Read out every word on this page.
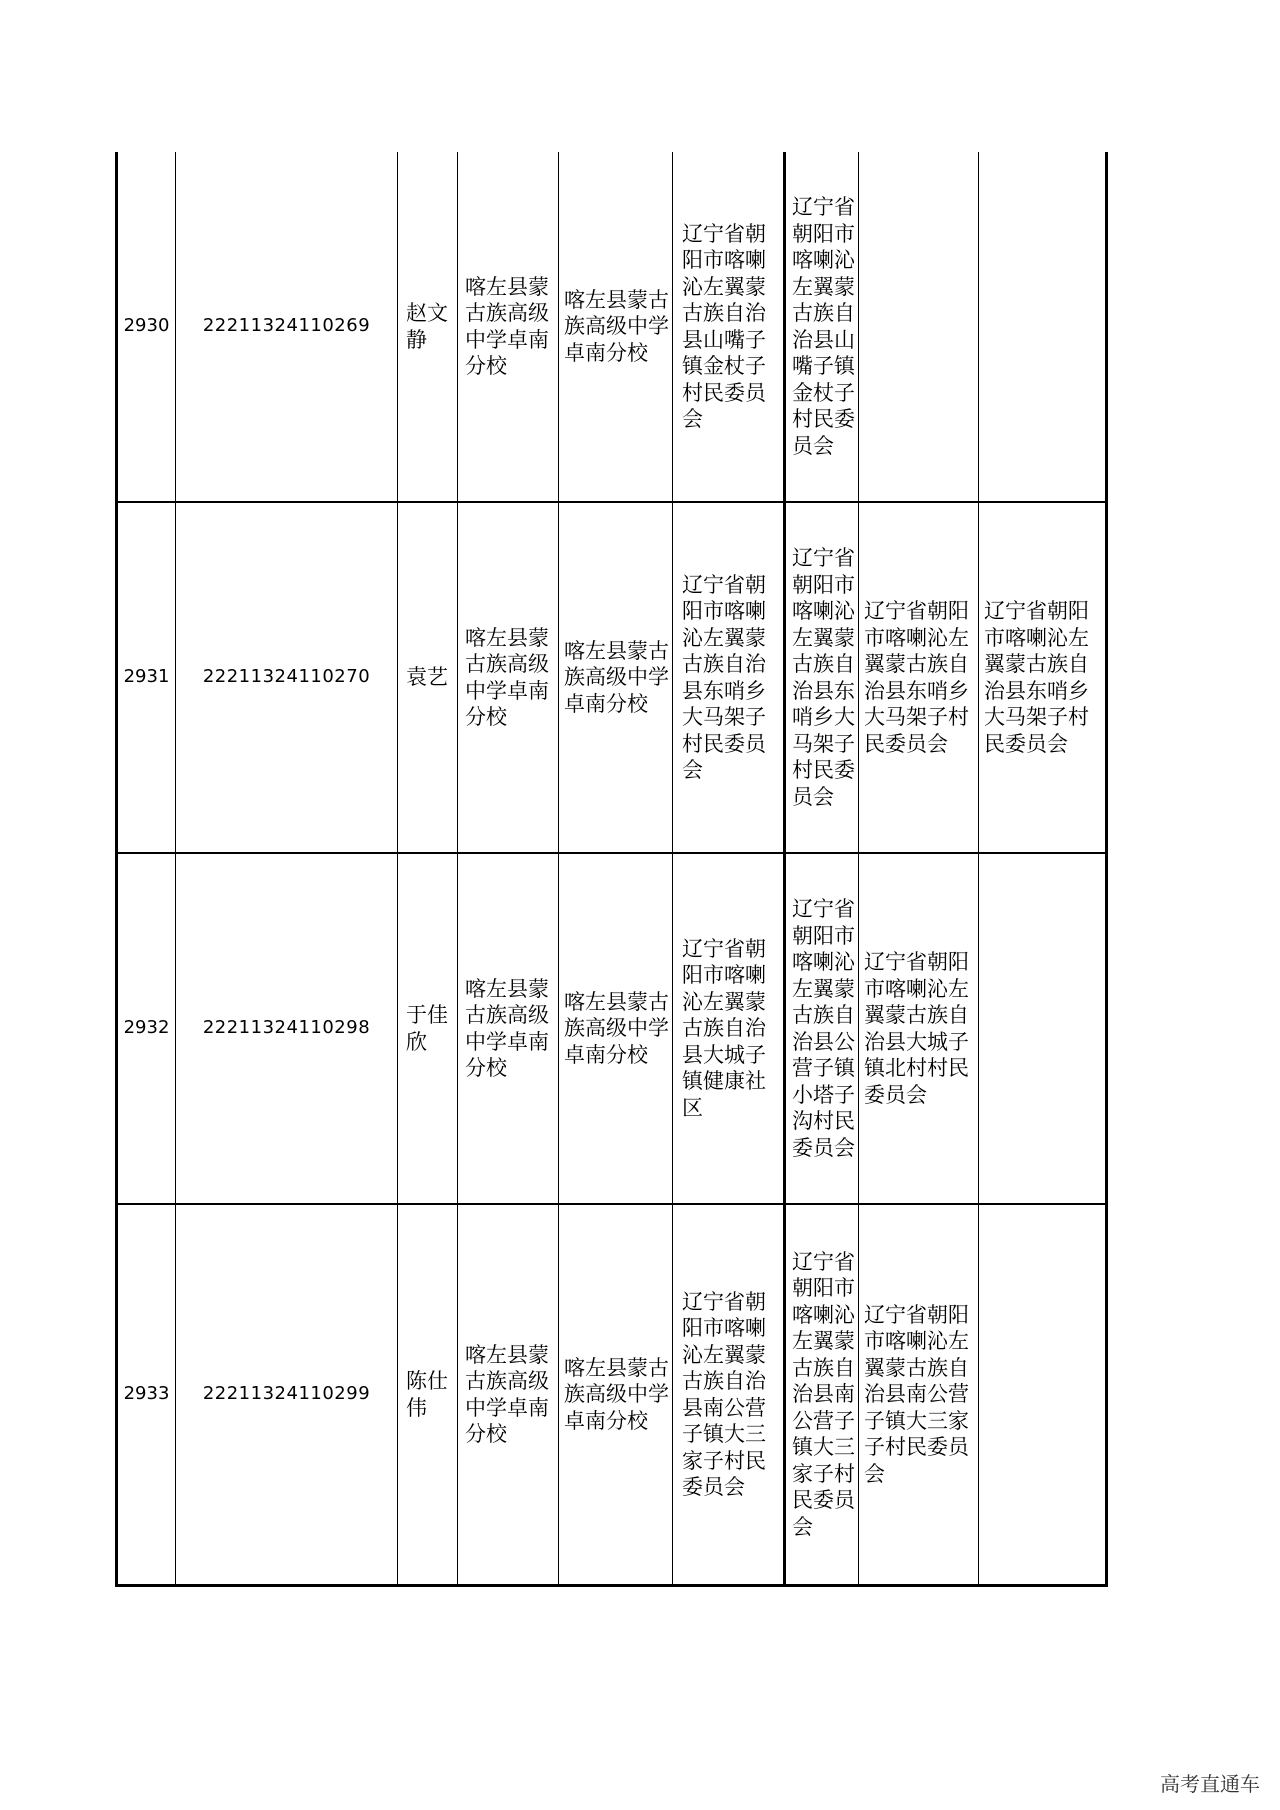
2930 22211324110269
赵文静
喀左县蒙古族高级中学卓南分校
喀左县蒙古族高级中学卓南分校
辽宁省朝阳市喀喇沁左翼蒙古族自治县山嘴子镇金杖子村民委员会
辽宁省朝阳市喀喇沁左翼蒙古族自治县山嘴子镇金杖子村民委员会
2931 22211324110270 袁艺
喀左县蒙古族高级中学卓南分校
喀左县蒙古族高级中学卓南分校
辽宁省朝阳市喀喇沁左翼蒙古族自治县东哨乡大马架子村民委员会
辽宁省朝阳市喀喇沁左翼蒙古族自治县东哨乡大马架子村民委员会
辽宁省朝阳市喀喇沁左翼蒙古族自治县东哨乡大马架子村民委员会
辽宁省朝阳市喀喇沁左翼蒙古族自治县东哨乡大马架子村民委员会
2932 22211324110298
于佳欣
喀左县蒙古族高级中学卓南分校
喀左县蒙古族高级中学卓南分校
辽宁省朝阳市喀喇沁左翼蒙古族自治县大城子镇健康社区
辽宁省朝阳市喀喇沁左翼蒙古族自治县公营子镇小塔子沟村民委员会
辽宁省朝阳市喀喇沁左翼蒙古族自治县大城子镇北村村民委员会
2933 22211324110299
陈仕伟
喀左县蒙古族高级中学卓南分校
喀左县蒙古族高级中学卓南分校
辽宁省朝阳市喀喇沁左翼蒙古族自治县南公营子镇大三家子村民委员会
辽宁省朝阳市喀喇沁左翼蒙古族自治县南公营子镇大三家子村民委员会
辽宁省朝阳市喀喇沁左翼蒙古族自治县南公营子镇大三家子村民委员会
高考直通车
